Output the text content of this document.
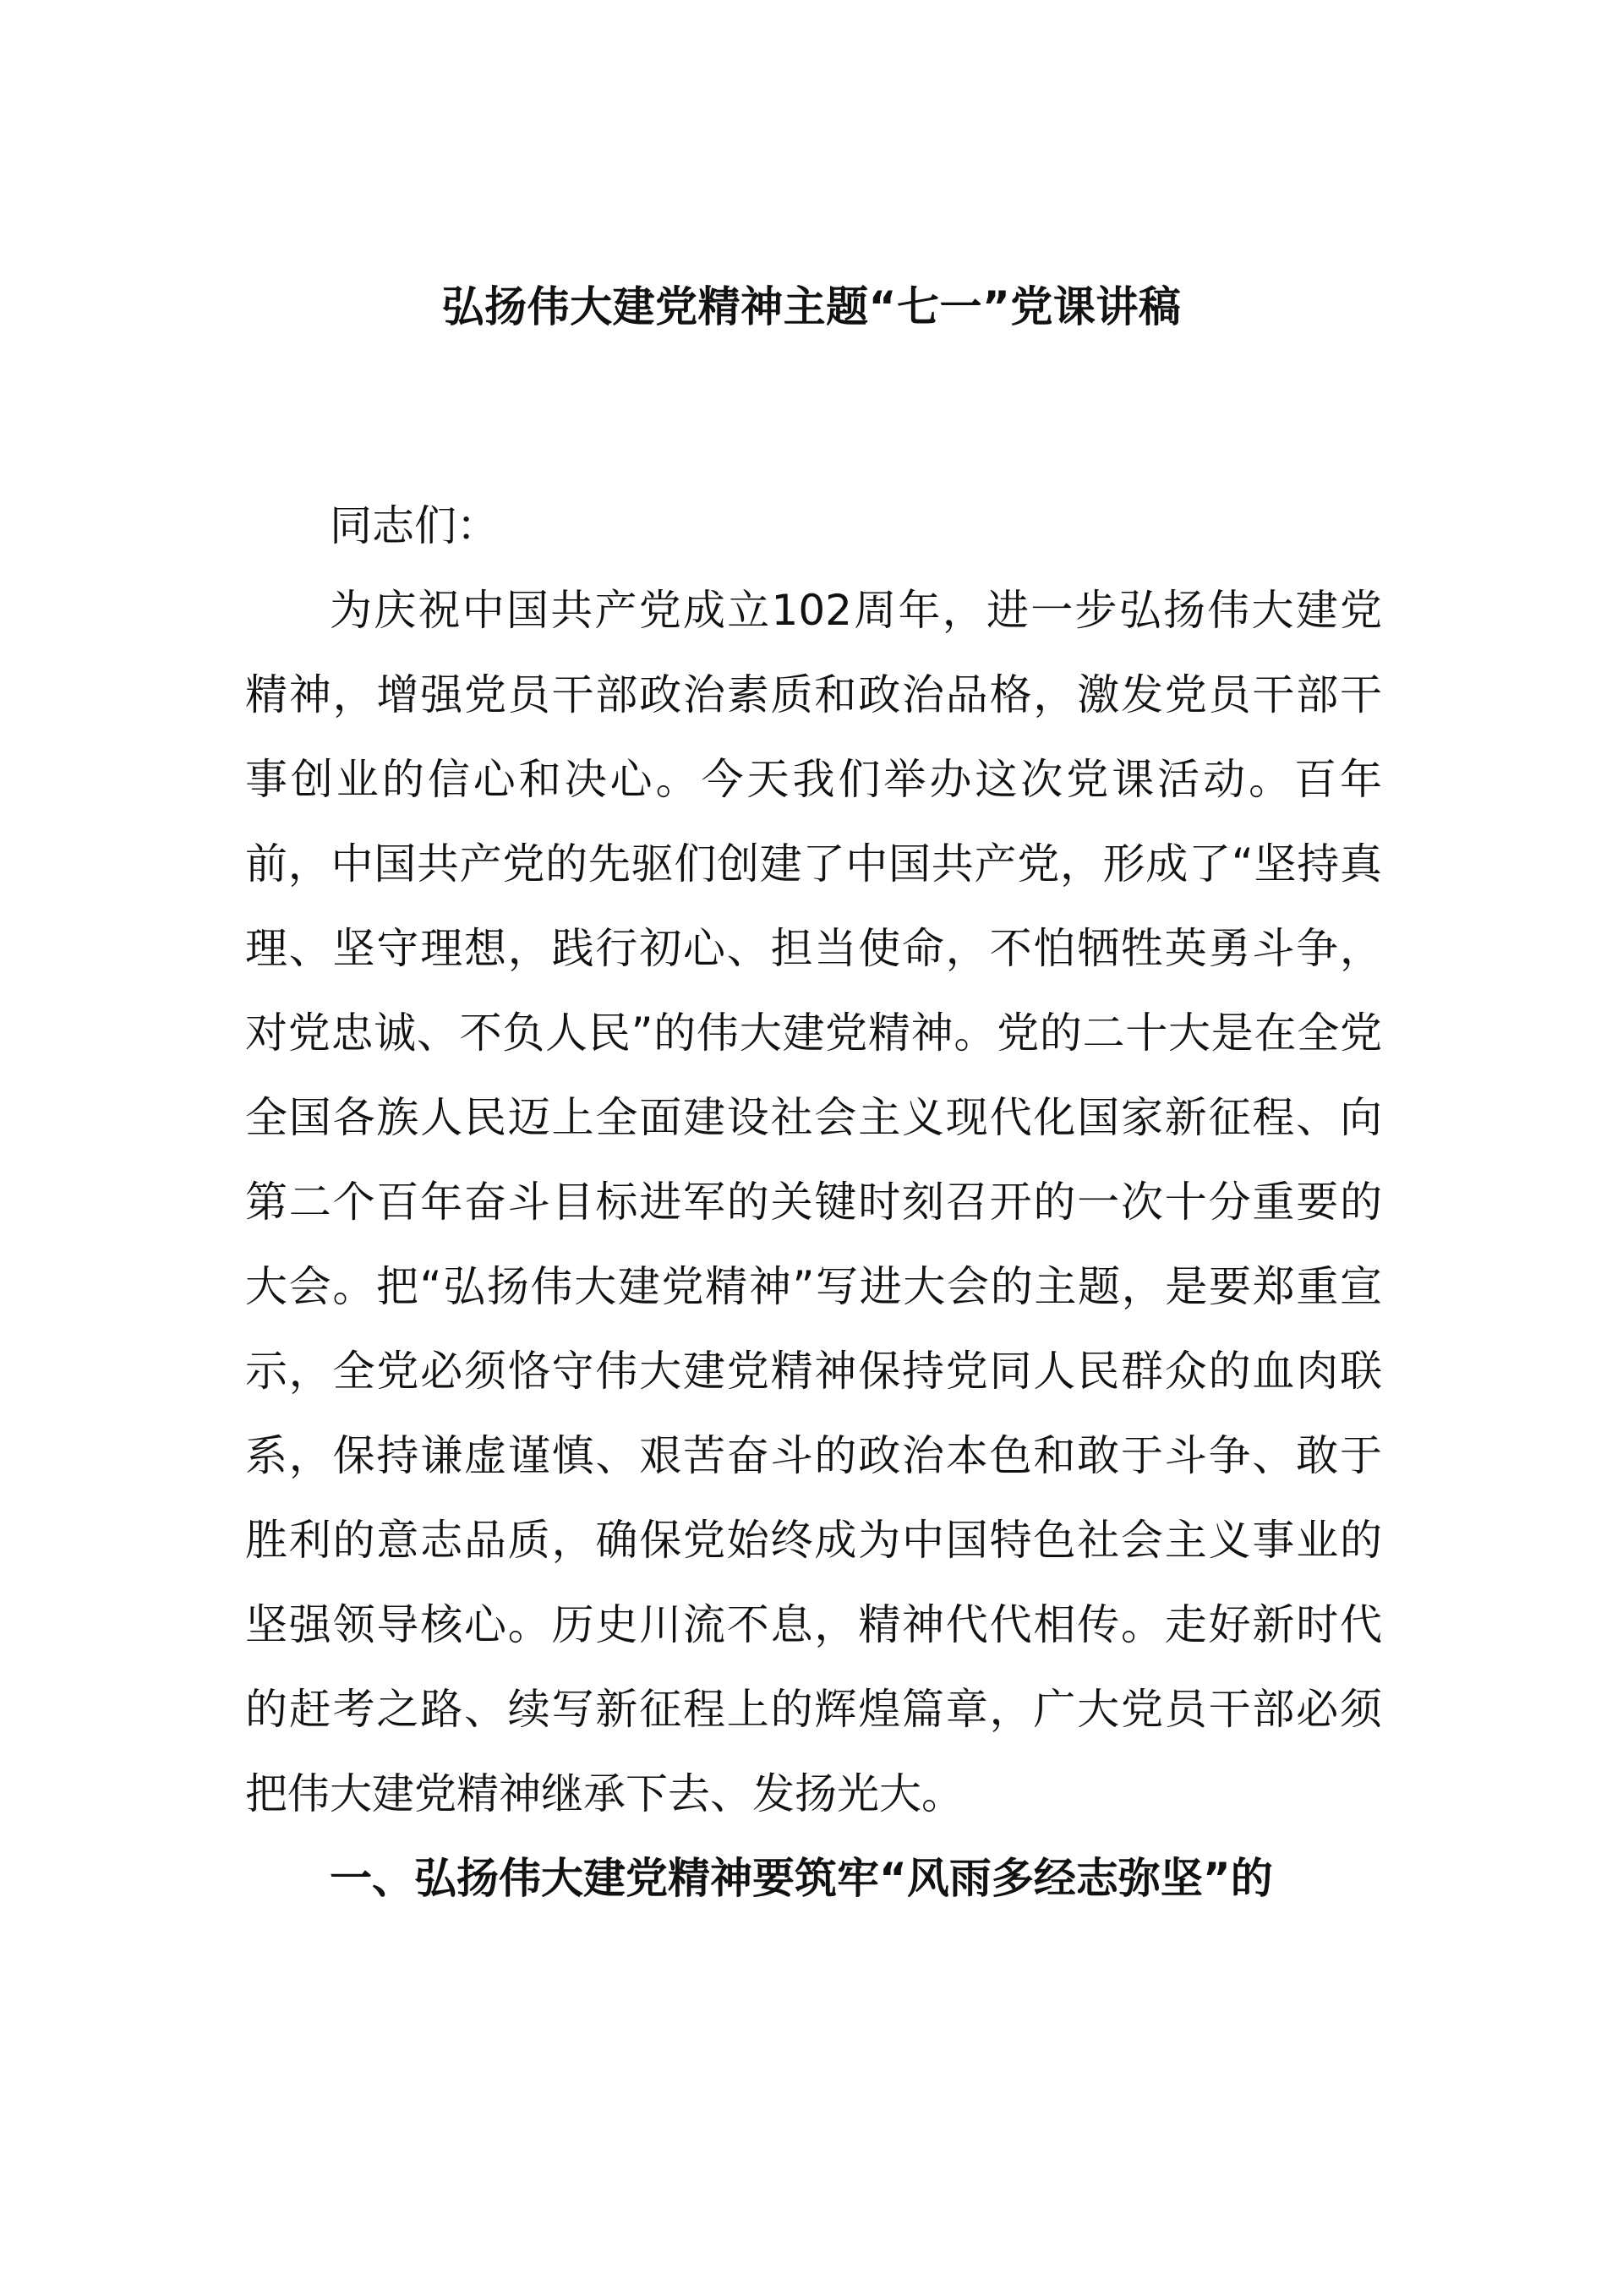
弘扬伟大建党精神主题“七一”党课讲稿

同志们：

为庆祝中国共产党成立102周年，进一步弘扬伟大建党精神，增强党员干部政治素质和政治品格，激发党员干部干事创业的信心和决心。今天我们举办这次党课活动。百年前，中国共产党的先驱们创建了中国共产党，形成了“坚持真理、坚守理想，践行初心、担当使命，不怕牺牲英勇斗争，对党忠诚、不负人民”的伟大建党精神。党的二十大是在全党全国各族人民迈上全面建设社会主义现代化国家新征程、向第二个百年奋斗目标进军的关键时刻召开的一次十分重要的大会。把“弘扬伟大建党精神”写进大会的主题，是要郑重宣示，全党必须恪守伟大建党精神保持党同人民群众的血肉联系，保持谦虚谨慎、艰苦奋斗的政治本色和敢于斗争、敢于胜利的意志品质，确保党始终成为中国特色社会主义事业的坚强领导核心。历史川流不息，精神代代相传。走好新时代的赶考之路、续写新征程上的辉煌篇章，广大党员干部必须把伟大建党精神继承下去、发扬光大。

一、弘扬伟大建党精神要筑牢“风雨多经志弥坚”的
